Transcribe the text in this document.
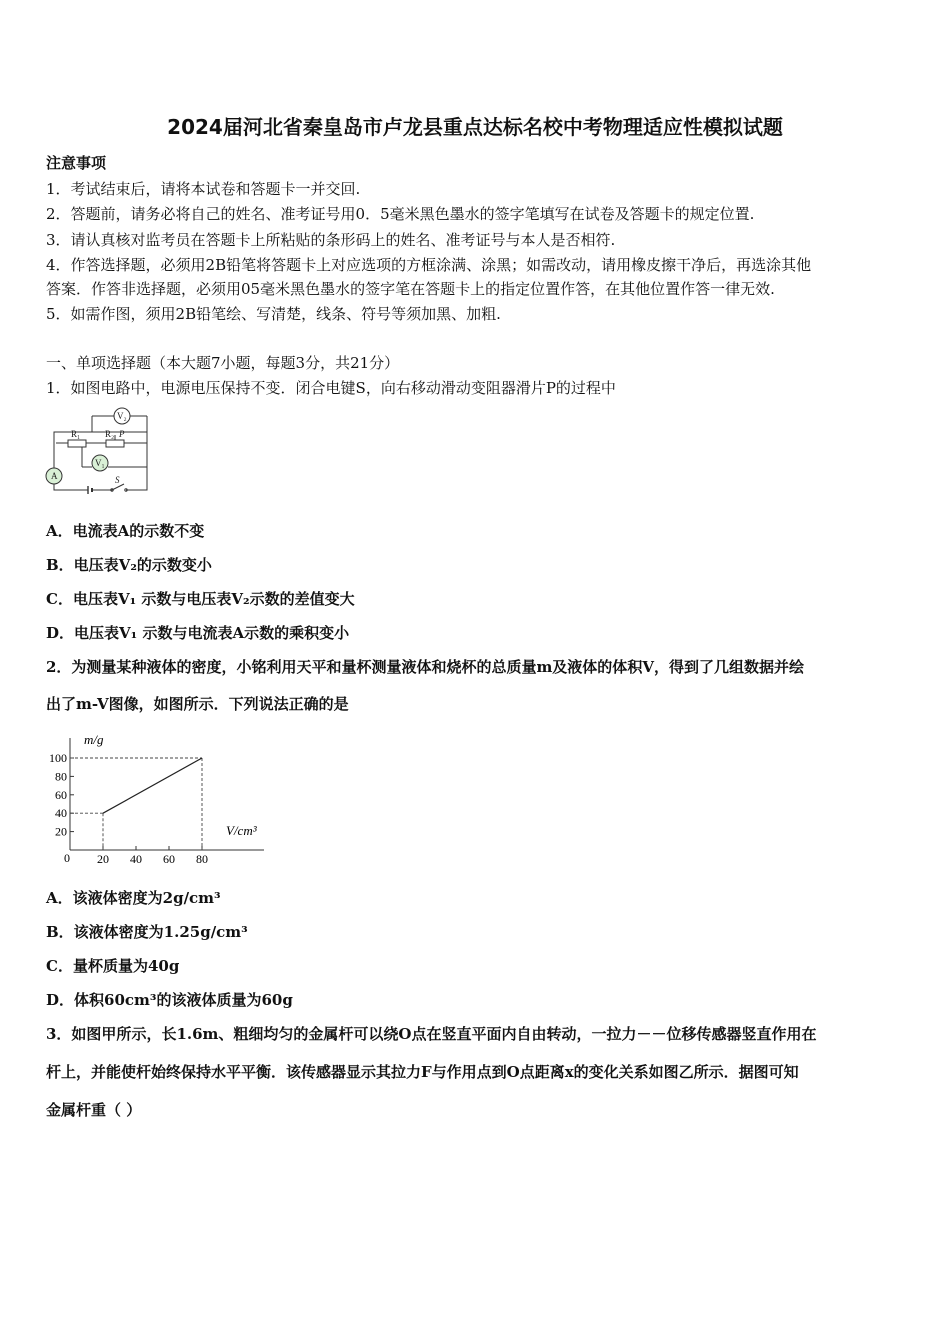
2024届河北省秦皇岛市卢龙县重点达标名校中考物理适应性模拟试题
注意事项
1．考试结束后，请将本试卷和答题卡一并交回.
2．答题前，请务必将自己的姓名、准考证号用0．5毫米黑色墨水的签字笔填写在试卷及答题卡的规定位置.
3．请认真核对监考员在答题卡上所粘贴的条形码上的姓名、准考证号与本人是否相符.
4．作答选择题，必须用2B铅笔将答题卡上对应选项的方框涂满、涂黑；如需改动，请用橡皮擦干净后，再选涂其他
答案．作答非选择题，必须用05毫米黑色墨水的签字笔在答题卡上的指定位置作答，在其他位置作答一律无效.
5．如需作图，须用2B铅笔绘、写清楚，线条、符号等须加黑、加粗.
一、单项选择题（本大题7小题，每题3分，共21分）
1．如图电路中，电源电压保持不变．闭合电键S，向右移动滑动变阻器滑片P的过程中
V₂
V₁
A
R₁	R₂ P
S
A．电流表A的示数不变
B．电压表V₂的示数变小
C．电压表V₁ 示数与电压表V₂示数的差值变大
D．电压表V₁ 示数与电流表A示数的乘积变小
2．为测量某种液体的密度，小铭利用天平和量杯测量液体和烧杯的总质量m及液体的体积V，得到了几组数据并绘
出了m-V图像，如图所示．下列说法正确的是
20
40
60
80
100
20 40 60 80
m/g
V/cm³
0
A．该液体密度为2g/cm³
B．该液体密度为1.25g/cm³
C．量杯质量为40g
D．体积60cm³的该液体质量为60g
3．如图甲所示，长1.6m、粗细均匀的金属杆可以绕O点在竖直平面内自由转动，一拉力－－位移传感器竖直作用在
杆上，并能使杆始终保持水平平衡．该传感器显示其拉力F与作用点到O点距离x的变化关系如图乙所示．据图可知
金属杆重（ ）
